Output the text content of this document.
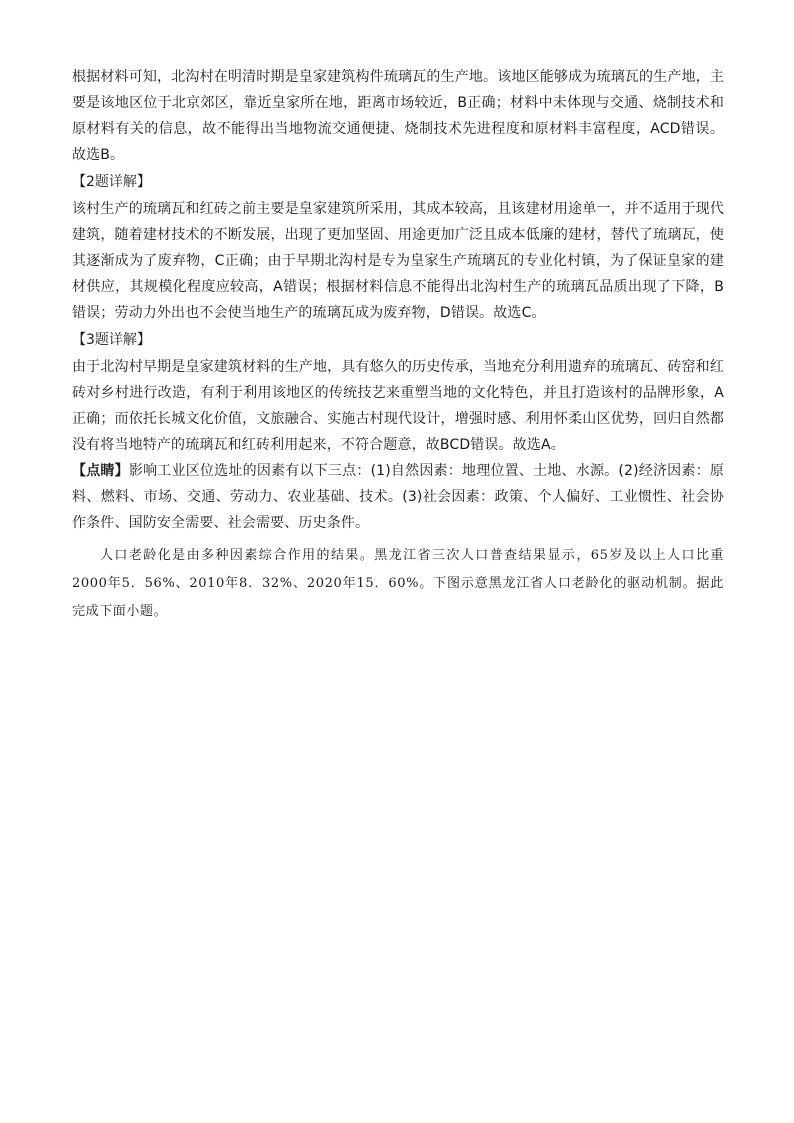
根据材料可知，北沟村在明清时期是皇家建筑构件琉璃瓦的生产地。该地区能够成为琉璃瓦的生产地，主要是该地区位于北京郊区，靠近皇家所在地，距离市场较近，B正确；材料中未体现与交通、烧制技术和原材料有关的信息，故不能得出当地物流交通便捷、烧制技术先进程度和原材料丰富程度，ACD错误。故选B。

【2题详解】

该村生产的琉璃瓦和红砖之前主要是皇家建筑所采用，其成本较高，且该建材用途单一，并不适用于现代建筑，随着建材技术的不断发展，出现了更加坚固、用途更加广泛且成本低廉的建材，替代了琉璃瓦，使其逐渐成为了废弃物，C正确；由于早期北沟村是专为皇家生产琉璃瓦的专业化村镇，为了保证皇家的建材供应，其规模化程度应较高，A错误；根据材料信息不能得出北沟村生产的琉璃瓦品质出现了下降，B错误；劳动力外出也不会使当地生产的琉璃瓦成为废弃物，D错误。故选C。

【3题详解】

由于北沟村早期是皇家建筑材料的生产地，具有悠久的历史传承，当地充分利用遗弃的琉璃瓦、砖窑和红砖对乡村进行改造，有利于利用该地区的传统技艺来重塑当地的文化特色，并且打造该村的品牌形象，A正确；而依托长城文化价值，文旅融合、实施古村现代设计，增强时感、利用怀柔山区优势，回归自然都没有将当地特产的琉璃瓦和红砖利用起来，不符合题意，故BCD错误。故选A。

【点睛】影响工业区位选址的因素有以下三点：(1)自然因素：地理位置、土地、水源。(2)经济因素：原料、燃料、市场、交通、劳动力、农业基础、技术。(3)社会因素：政策、个人偏好、工业惯性、社会协作条件、国防安全需要、社会需要、历史条件。

人口老龄化是由多种因素综合作用的结果。黑龙江省三次人口普查结果显示，65岁及以上人口比重2000年5．56%、2010年8．32%、2020年15．60%。下图示意黑龙江省人口老龄化的驱动机制。据此完成下面小题。
